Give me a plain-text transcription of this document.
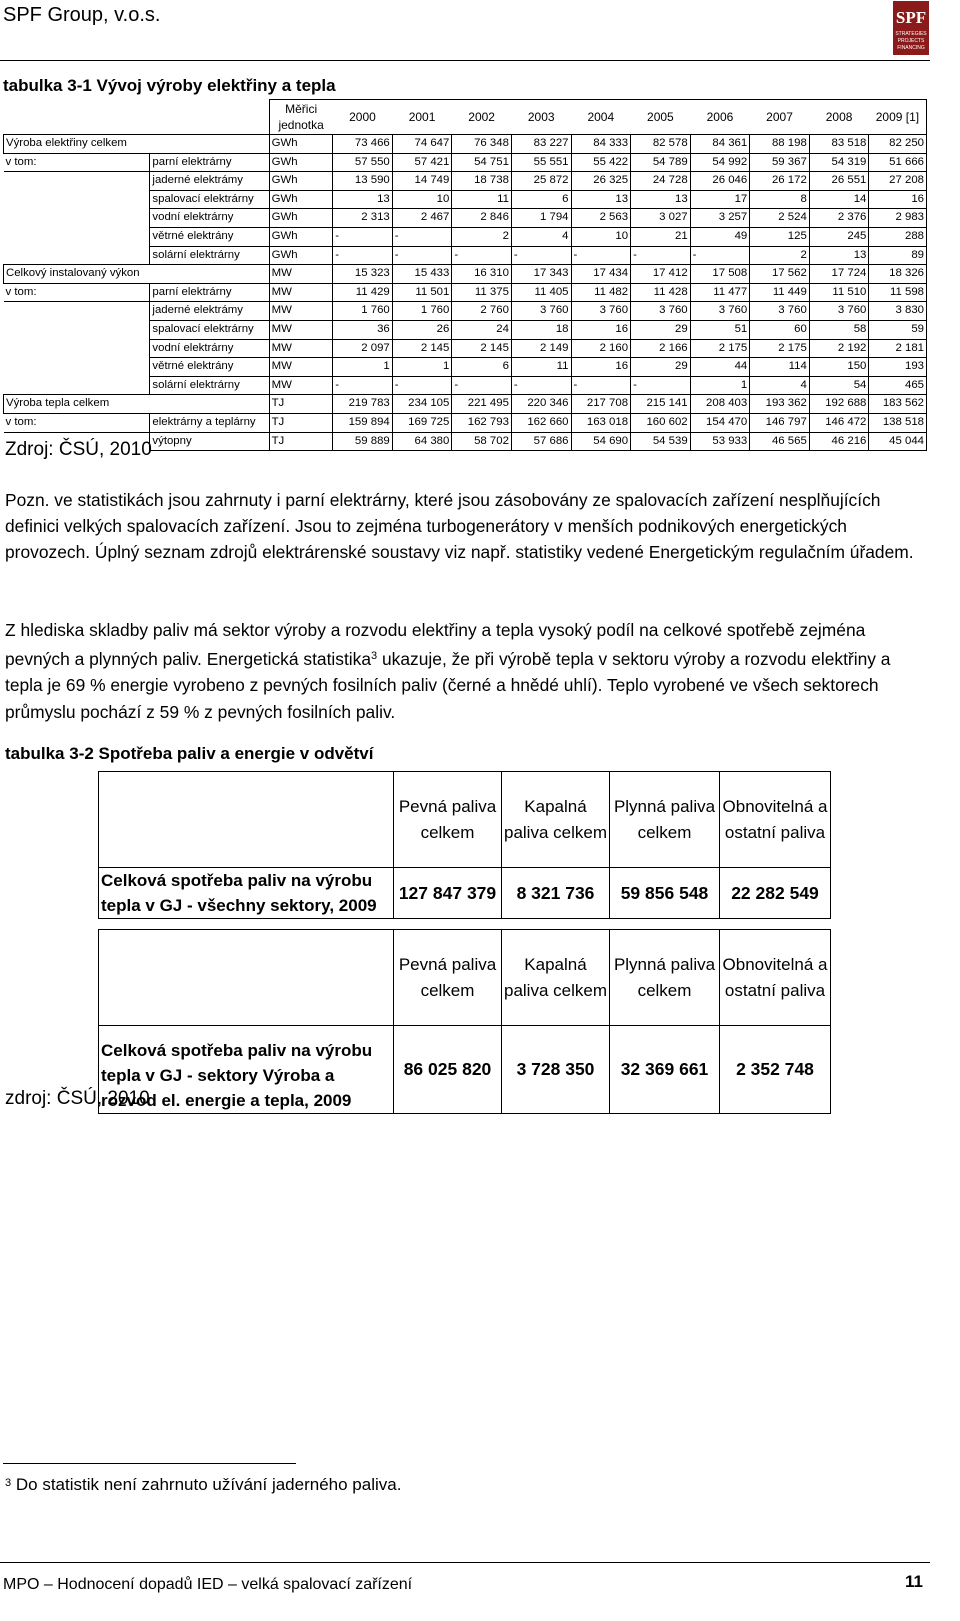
SPF Group, v.o.s.	SPF
STRATEGIES
PROJECTS
FINANCING
tabulka 3-1 Vývoj výroby elektřiny a tepla

		Měřici
jednotka	2000	2001	2002	2003	2004	2005	2006	2007	2008	2009 [1]
Výroba elektřiny celkem		GWh	73 466	74 647	76 348	83 227	84 333	82 578	84 361	88 198	83 518	82 250
v tom:	parní elektrárny	GWh	57 550	57 421	54 751	55 551	55 422	54 789	54 992	59 367	54 319	51 666
	jaderné elektrámy	GWh	13 590	14 749	18 738	25 872	26 325	24 728	26 046	26 172	26 551	27 208
	spalovací elektrárny	GWh	13	10	11	6	13	13	17	8	14	16
	vodní elektrárny	GWh	2 313	2 467	2 846	1 794	2 563	3 027	3 257	2 524	2 376	2 983
	větrné elektrány	GWh	-	-	2	4	10	21	49	125	245	288
	solární elektrárny	GWh	-	-	-	-	-	-	-	2	13	89
Celkový instalovaný výkon		MW	15 323	15 433	16 310	17 343	17 434	17 412	17 508	17 562	17 724	18 326
v tom:	parní elektrárny	MW	11 429	11 501	11 375	11 405	11 482	11 428	11 477	11 449	11 510	11 598
	jaderné elektrámy	MW	1 760	1 760	2 760	3 760	3 760	3 760	3 760	3 760	3 760	3 830
	spalovací elektrárny	MW	36	26	24	18	16	29	51	60	58	59
	vodní elektrárny	MW	2 097	2 145	2 145	2 149	2 160	2 166	2 175	2 175	2 192	2 181
	větrné elektrány	MW	1	1	6	11	16	29	44	114	150	193
	solární elektrárny	MW	-	-	-	-	-	-	1	4	54	465
Výroba tepla celkem		TJ	219 783	234 105	221 495	220 346	217 708	215 141	208 403	193 362	192 688	183 562
v tom:	elektrárny a teplárny	TJ	159 894	169 725	162 793	162 660	163 018	160 602	154 470	146 797	146 472	138 518
	výtopny	TJ	59 889	64 380	58 702	57 686	54 690	54 539	53 933	46 565	46 216	45 044
Zdroj: ČSÚ, 2010
Pozn. ve statistikách jsou zahrnuty i parní elektrárny, které jsou zásobovány ze spalovacích zařízení nesplňujících definici velkých spalovacích zařízení. Jsou to zejména turbogenerátory v menších podnikových energetických provozech. Úplný seznam zdrojů elektrárenské soustavy viz např. statistiky vedené Energetickým regulačním úřadem.
Z hlediska skladby paliv má sektor výroby a rozvodu elektřiny a tepla vysoký podíl na celkové spotřebě zejména pevných a plynných paliv. Energetická statistika$^3$ ukazuje, že při výrobě tepla v sektoru výroby a rozvodu elektřiny a tepla je 69 % energie vyrobeno z pevných fosilních paliv (černé a hnědé uhlí). Teplo vyrobené ve všech sektorech průmyslu pochází z 59 % z pevných fosilních paliv.
tabulka 3-2 Spotřeba paliv a energie v odvětví
	Pevná paliva celkem	Kapalná paliva celkem	Plynná paliva celkem	Obnovitelná a ostatní paliva
Celková spotřeba paliv na výrobu tepla v GJ - všechny sektory, 2009	127 847 379	8 321 736	59 856 548	22 282 549
	Pevná paliva celkem	Kapalná paliva celkem	Plynná paliva celkem	Obnovitelná a ostatní paliva
Celková spotřeba paliv na výrobu tepla v GJ - sektory Výroba a rozvod el. energie a tepla, 2009	86 025 820	3 728 350	32 369 661	2 352 748
zdroj: ČSÚ, 2010
$^3$ Do statistik není zahrnuto užívání jaderného paliva.
MPO – Hodnocení dopadů IED – velká spalovací zařízení	11
